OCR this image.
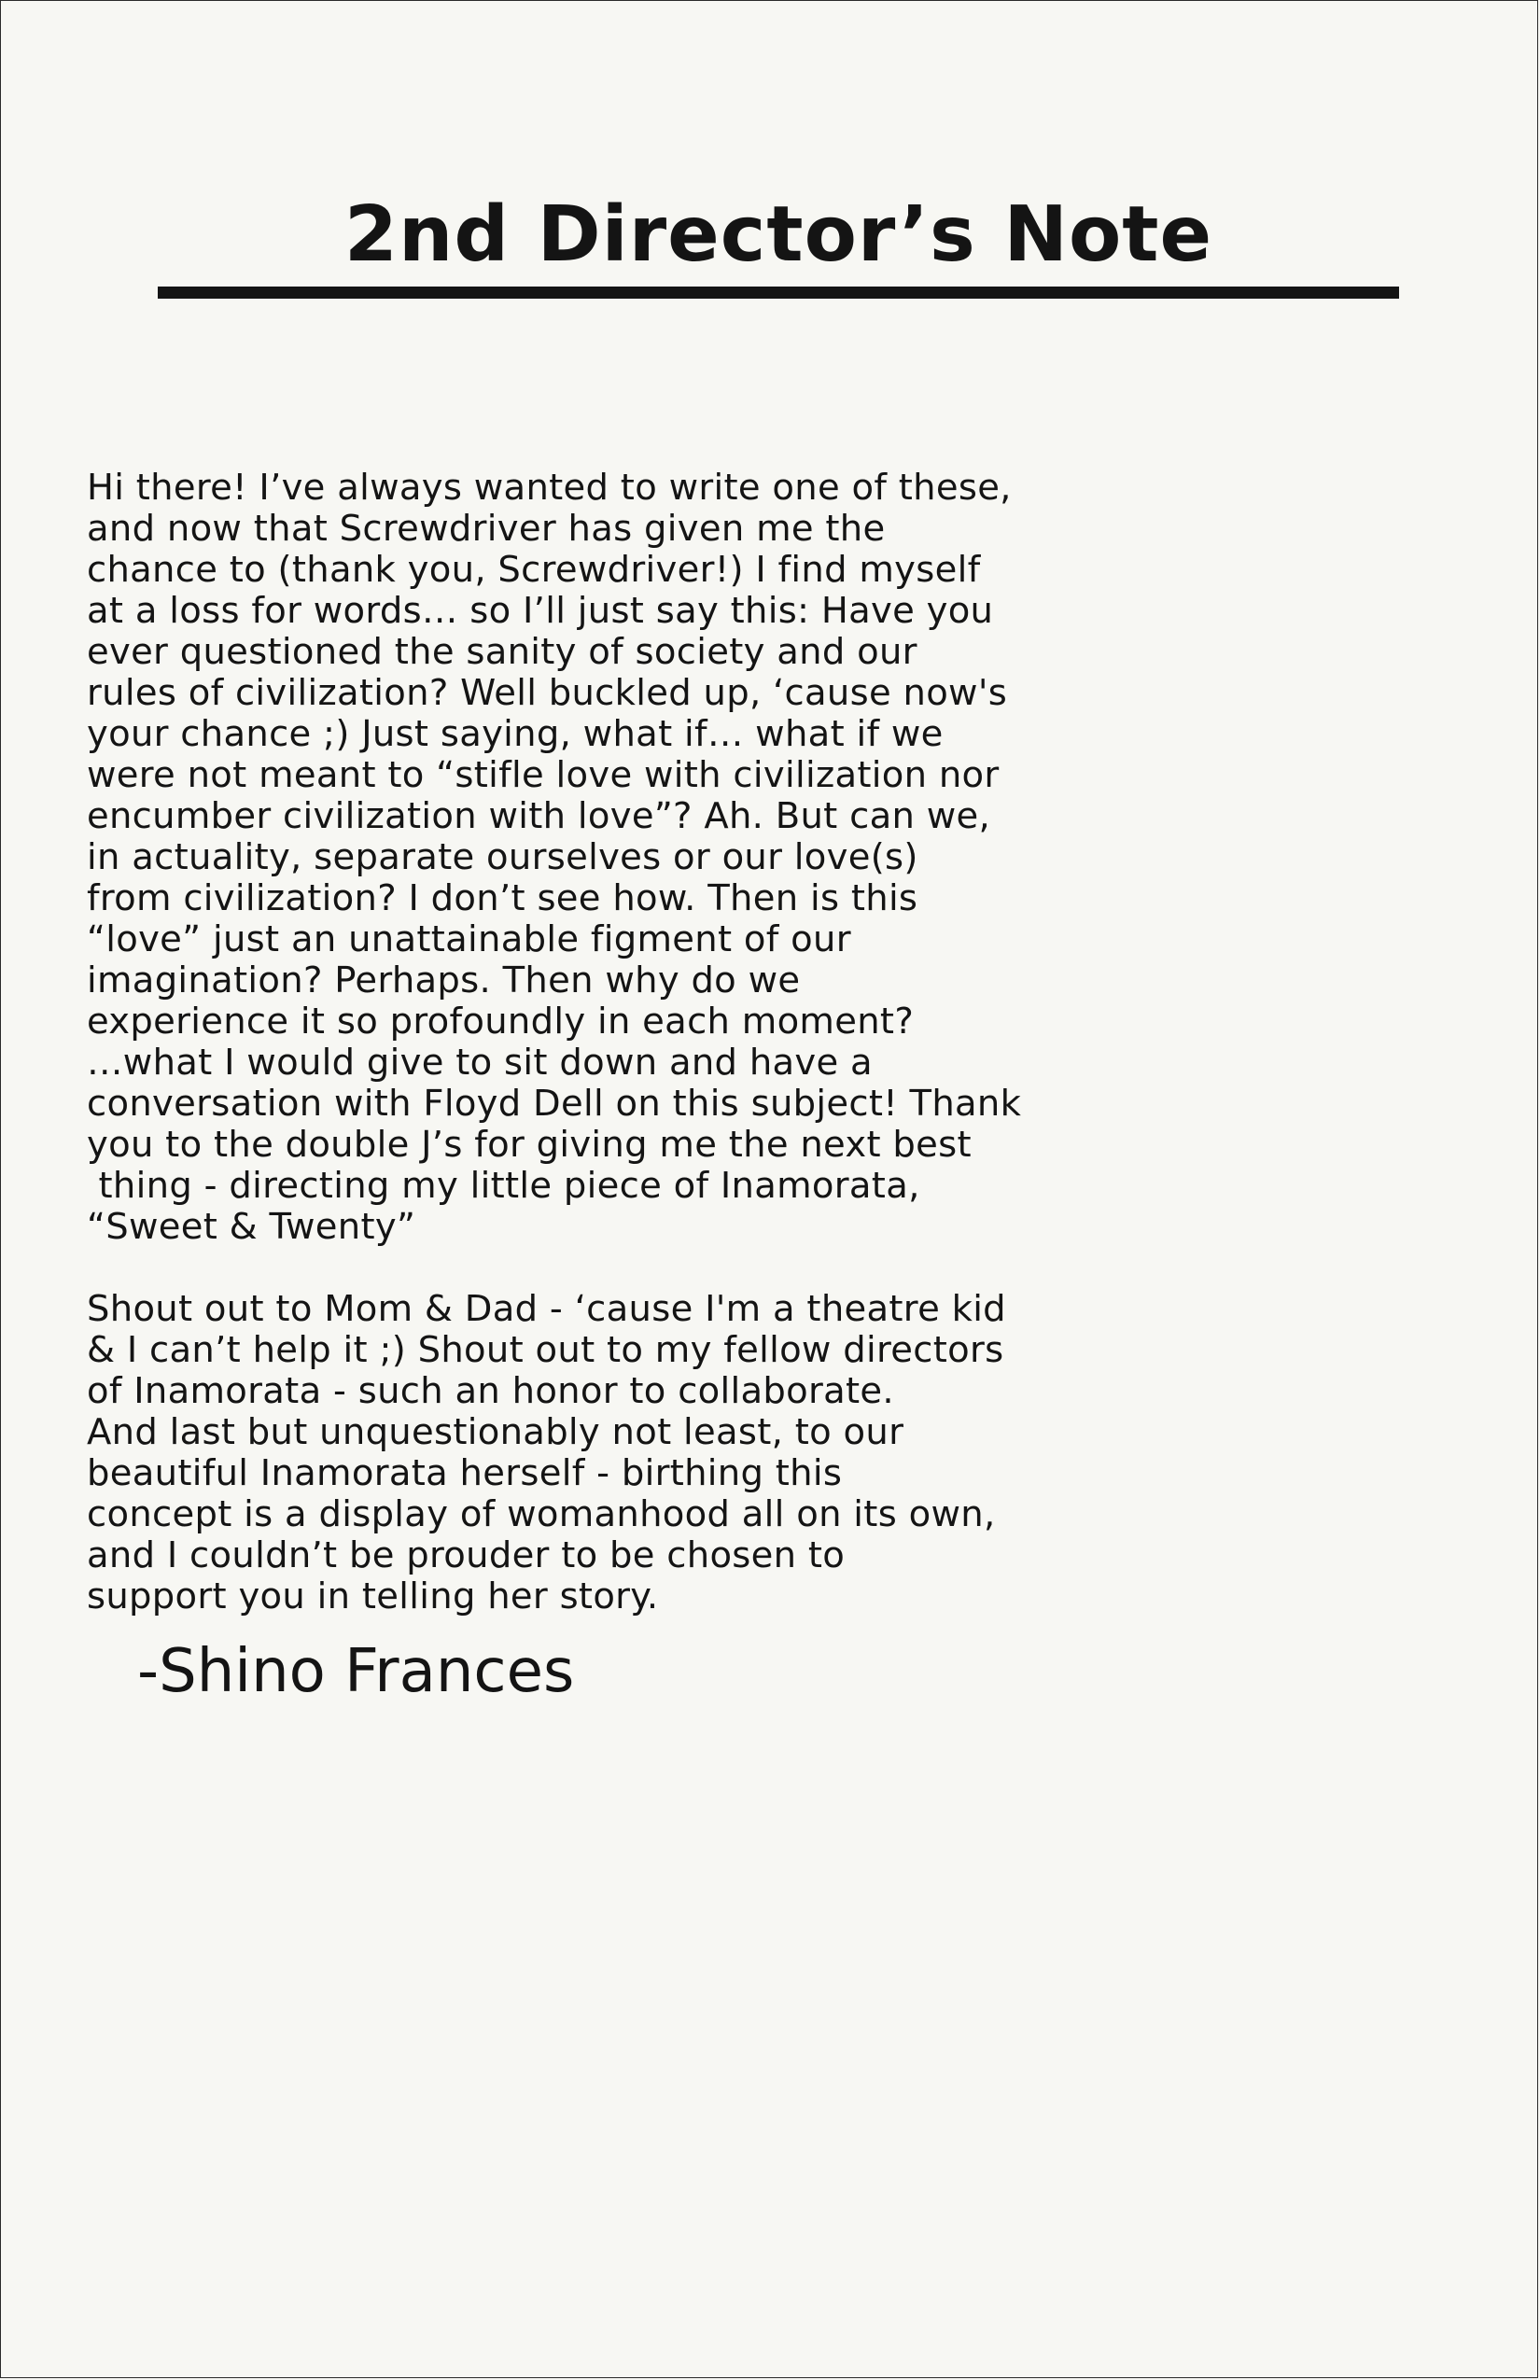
2nd Director’s Note
Hi there! I’ve always wanted to write one of these,
and now that Screwdriver has given me the
chance to (thank you, Screwdriver!) I find myself
at a loss for words… so I’ll just say this: Have you
ever questioned the sanity of society and our
rules of civilization? Well buckled up, ‘cause now's
your chance ;) Just saying, what if… what if we
were not meant to “stifle love with civilization nor
encumber civilization with love”? Ah. But can we,
in actuality, separate ourselves or our love(s)
from civilization? I don’t see how. Then is this
“love” just an unattainable figment of our
imagination? Perhaps. Then why do we
experience it so profoundly in each moment?
…what I would give to sit down and have a
conversation with Floyd Dell on this subject! Thank
you to the double J’s for giving me the next best
thing - directing my little piece of Inamorata,
“Sweet & Twenty”
Shout out to Mom & Dad - ‘cause I'm a theatre kid
& I can’t help it ;) Shout out to my fellow directors
of Inamorata - such an honor to collaborate.
And last but unquestionably not least, to our
beautiful Inamorata herself - birthing this
concept is a display of womanhood all on its own,
and I couldn’t be prouder to be chosen to
support you in telling her story.
-Shino Frances
